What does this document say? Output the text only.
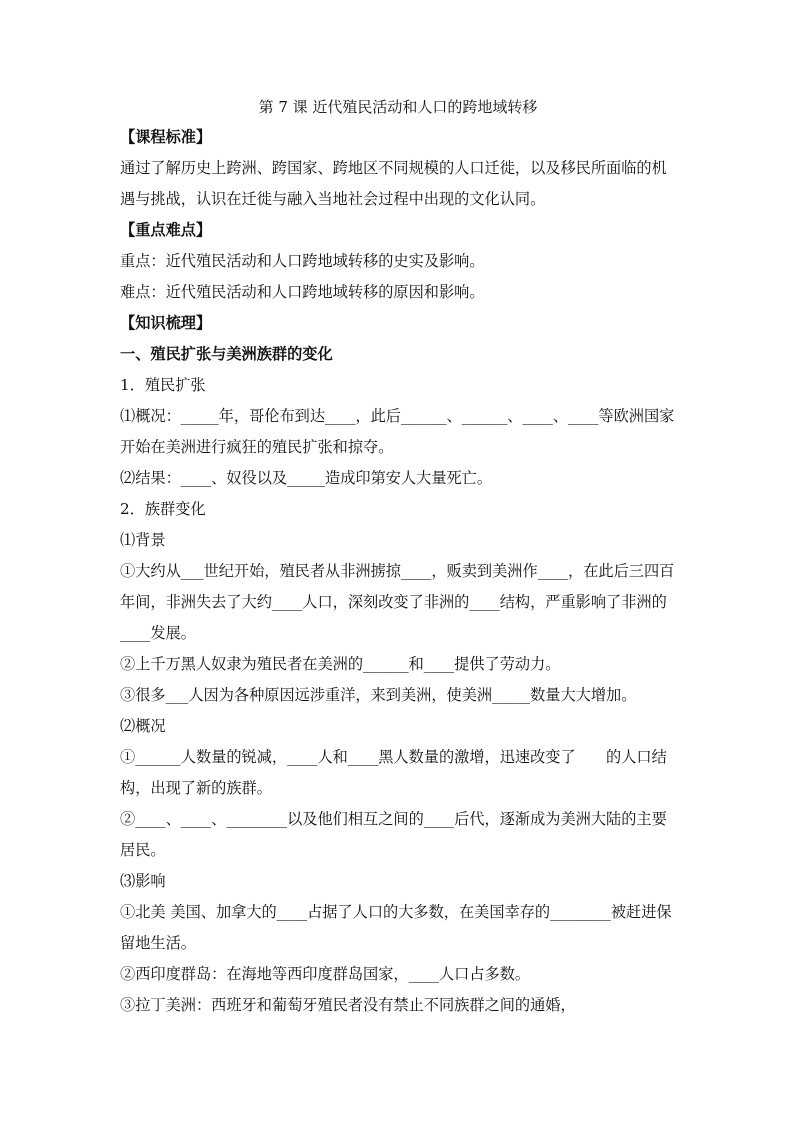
第 7 课 近代殖民活动和人口的跨地域转移

【课程标准】

通过了解历史上跨洲、跨国家、跨地区不同规模的人口迁徙，以及移民所面临的机遇与挑战，认识在迁徙与融入当地社会过程中出现的文化认同。

【重点难点】

重点：近代殖民活动和人口跨地域转移的史实及影响。

难点：近代殖民活动和人口跨地域转移的原因和影响。

【知识梳理】

一、殖民扩张与美洲族群的变化

1．殖民扩张

⑴概况：_____年，哥伦布到达____，此后______、______、____、____等欧洲国家开始在美洲进行疯狂的殖民扩张和掠夺。

⑵结果：____、奴役以及_____造成印第安人大量死亡。

2．族群变化

⑴背景

①大约从___世纪开始，殖民者从非洲掳掠____，贩卖到美洲作____，在此后三四百年间，非洲失去了大约____人口，深刻改变了非洲的____结构，严重影响了非洲的____发展。

②上千万黑人奴隶为殖民者在美洲的______和____提供了劳动力。

③很多___人因为各种原因远涉重洋，来到美洲，使美洲_____数量大大增加。

⑵概况

①______人数量的锐减，____人和____黑人数量的激增，迅速改变了　　的人口结构，出现了新的族群。

②____、____、________以及他们相互之间的____后代，逐渐成为美洲大陆的主要居民。

⑶影响

①北美 美国、加拿大的____占据了人口的大多数，在美国幸存的________被赶进保留地生活。

②西印度群岛：在海地等西印度群岛国家，____人口占多数。

③拉丁美洲：西班牙和葡萄牙殖民者没有禁止不同族群之间的通婚，
